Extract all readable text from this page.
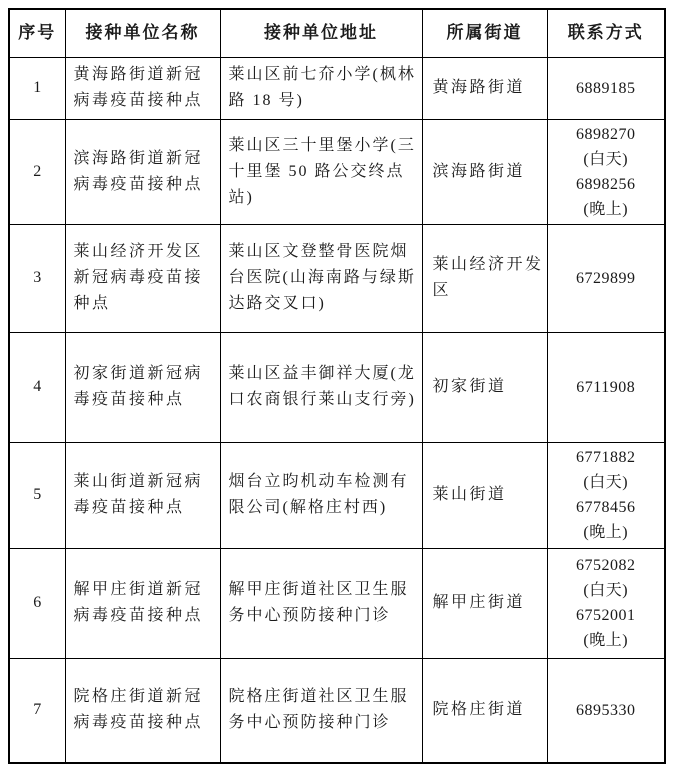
序号	接种单位名称	接种单位地址	所属街道	联系方式
1	黄海路街道新冠病毒疫苗接种点	莱山区前七夼小学(枫林路 18 号)	黄海路街道	6889185

2	滨海路街道新冠病毒疫苗接种点	莱山区三十里堡小学(三十里堡 50 路公交终点站)	滨海路街道	6898270
(白天)
6898256
(晚上)

3	莱山经济开发区新冠病毒疫苗接种点	莱山区文登整骨医院烟台医院(山海南路与绿斯达路交叉口)	莱山经济开发区	6729899

4	初家街道新冠病毒疫苗接种点	莱山区益丰御祥大厦(龙口农商银行莱山支行旁)	初家街道	6711908

5	莱山街道新冠病毒疫苗接种点	烟台立昀机动车检测有限公司(解格庄村西)	莱山街道	6771882
(白天)
6778456
(晚上)

6	解甲庄街道新冠病毒疫苗接种点	解甲庄街道社区卫生服务中心预防接种门诊	解甲庄街道	6752082
(白天)
6752001
(晚上)

7	院格庄街道新冠病毒疫苗接种点	院格庄街道社区卫生服务中心预防接种门诊	院格庄街道	6895330
